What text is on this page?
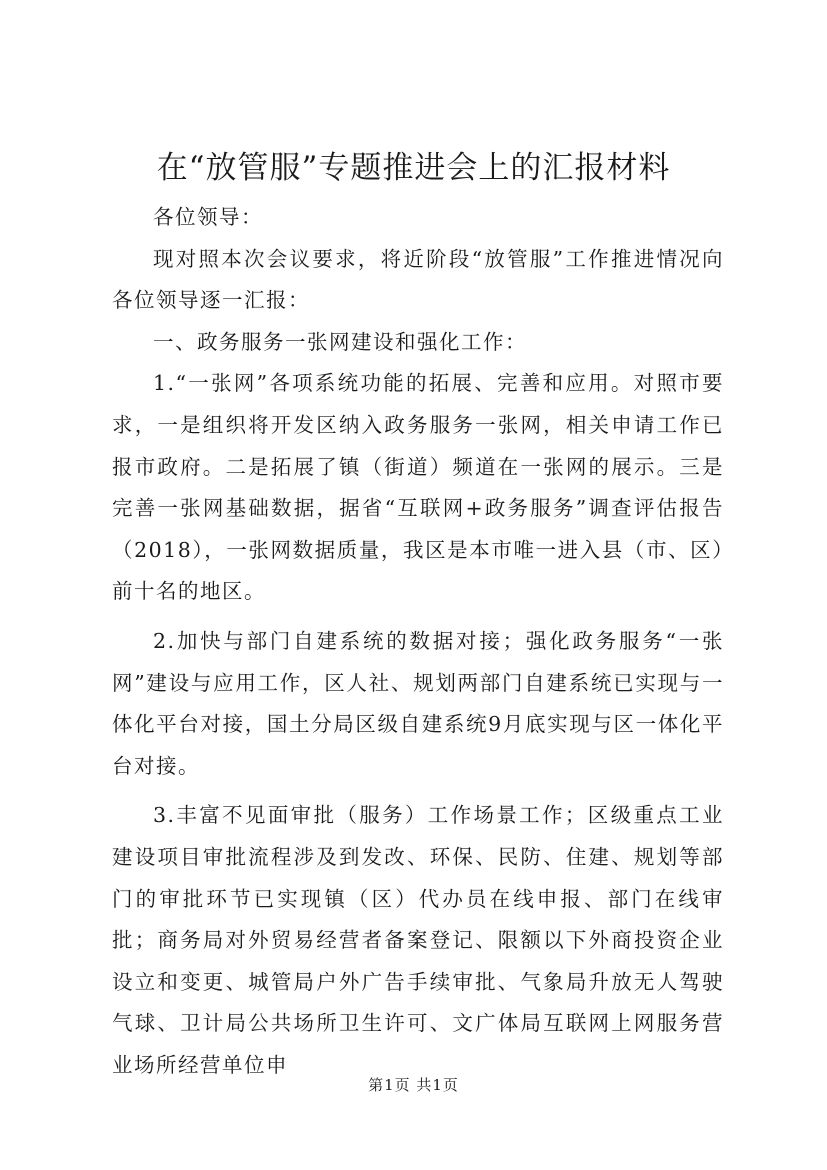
在“放管服”专题推进会上的汇报材料

各位领导：

现对照本次会议要求，将近阶段“放管服”工作推进情况向各位领导逐一汇报：

一、政务服务一张网建设和强化工作：

1.“一张网”各项系统功能的拓展、完善和应用。对照市要求，一是组织将开发区纳入政务服务一张网，相关申请工作已报市政府。二是拓展了镇（街道）频道在一张网的展示。三是完善一张网基础数据，据省“互联网+政务服务”调查评估报告（2018），一张网数据质量，我区是本市唯一进入县（市、区）前十名的地区。

2.加快与部门自建系统的数据对接；强化政务服务“一张网”建设与应用工作，区人社、规划两部门自建系统已实现与一体化平台对接，国土分局区级自建系统9月底实现与区一体化平台对接。

3.丰富不见面审批（服务）工作场景工作；区级重点工业建设项目审批流程涉及到发改、环保、民防、住建、规划等部门的审批环节已实现镇（区）代办员在线申报、部门在线审批；商务局对外贸易经营者备案登记、限额以下外商投资企业设立和变更、城管局户外广告手续审批、气象局升放无人驾驶气球、卫计局公共场所卫生许可、文广体局互联网上网服务营业场所经营单位申

第1页 共1页
